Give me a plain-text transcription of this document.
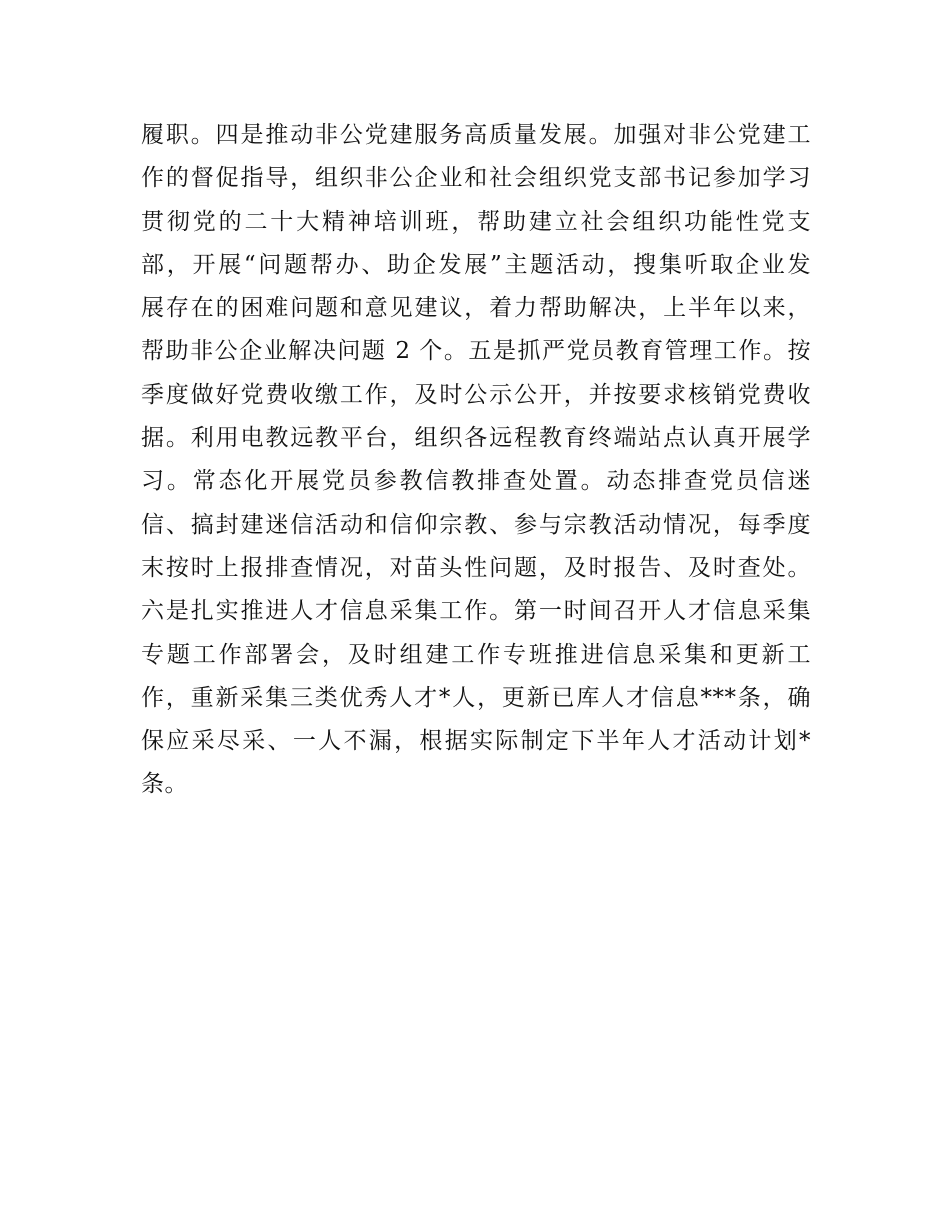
履职。四是推动非公党建服务高质量发展。加强对非公党建工
作的督促指导，组织非公企业和社会组织党支部书记参加学习
贯彻党的二十大精神培训班，帮助建立社会组织功能性党支
部，开展“问题帮办、助企发展”主题活动，搜集听取企业发
展存在的困难问题和意见建议，着力帮助解决，上半年以来，
帮助非公企业解决问题 2 个。五是抓严党员教育管理工作。按
季度做好党费收缴工作，及时公示公开，并按要求核销党费收
据。利用电教远教平台，组织各远程教育终端站点认真开展学
习。常态化开展党员参教信教排查处置。动态排查党员信迷
信、搞封建迷信活动和信仰宗教、参与宗教活动情况，每季度
末按时上报排查情况，对苗头性问题，及时报告、及时查处。
六是扎实推进人才信息采集工作。第一时间召开人才信息采集
专题工作部署会，及时组建工作专班推进信息采集和更新工
作，重新采集三类优秀人才*人，更新已库人才信息***条，确
保应采尽采、一人不漏，根据实际制定下半年人才活动计划*
条。
